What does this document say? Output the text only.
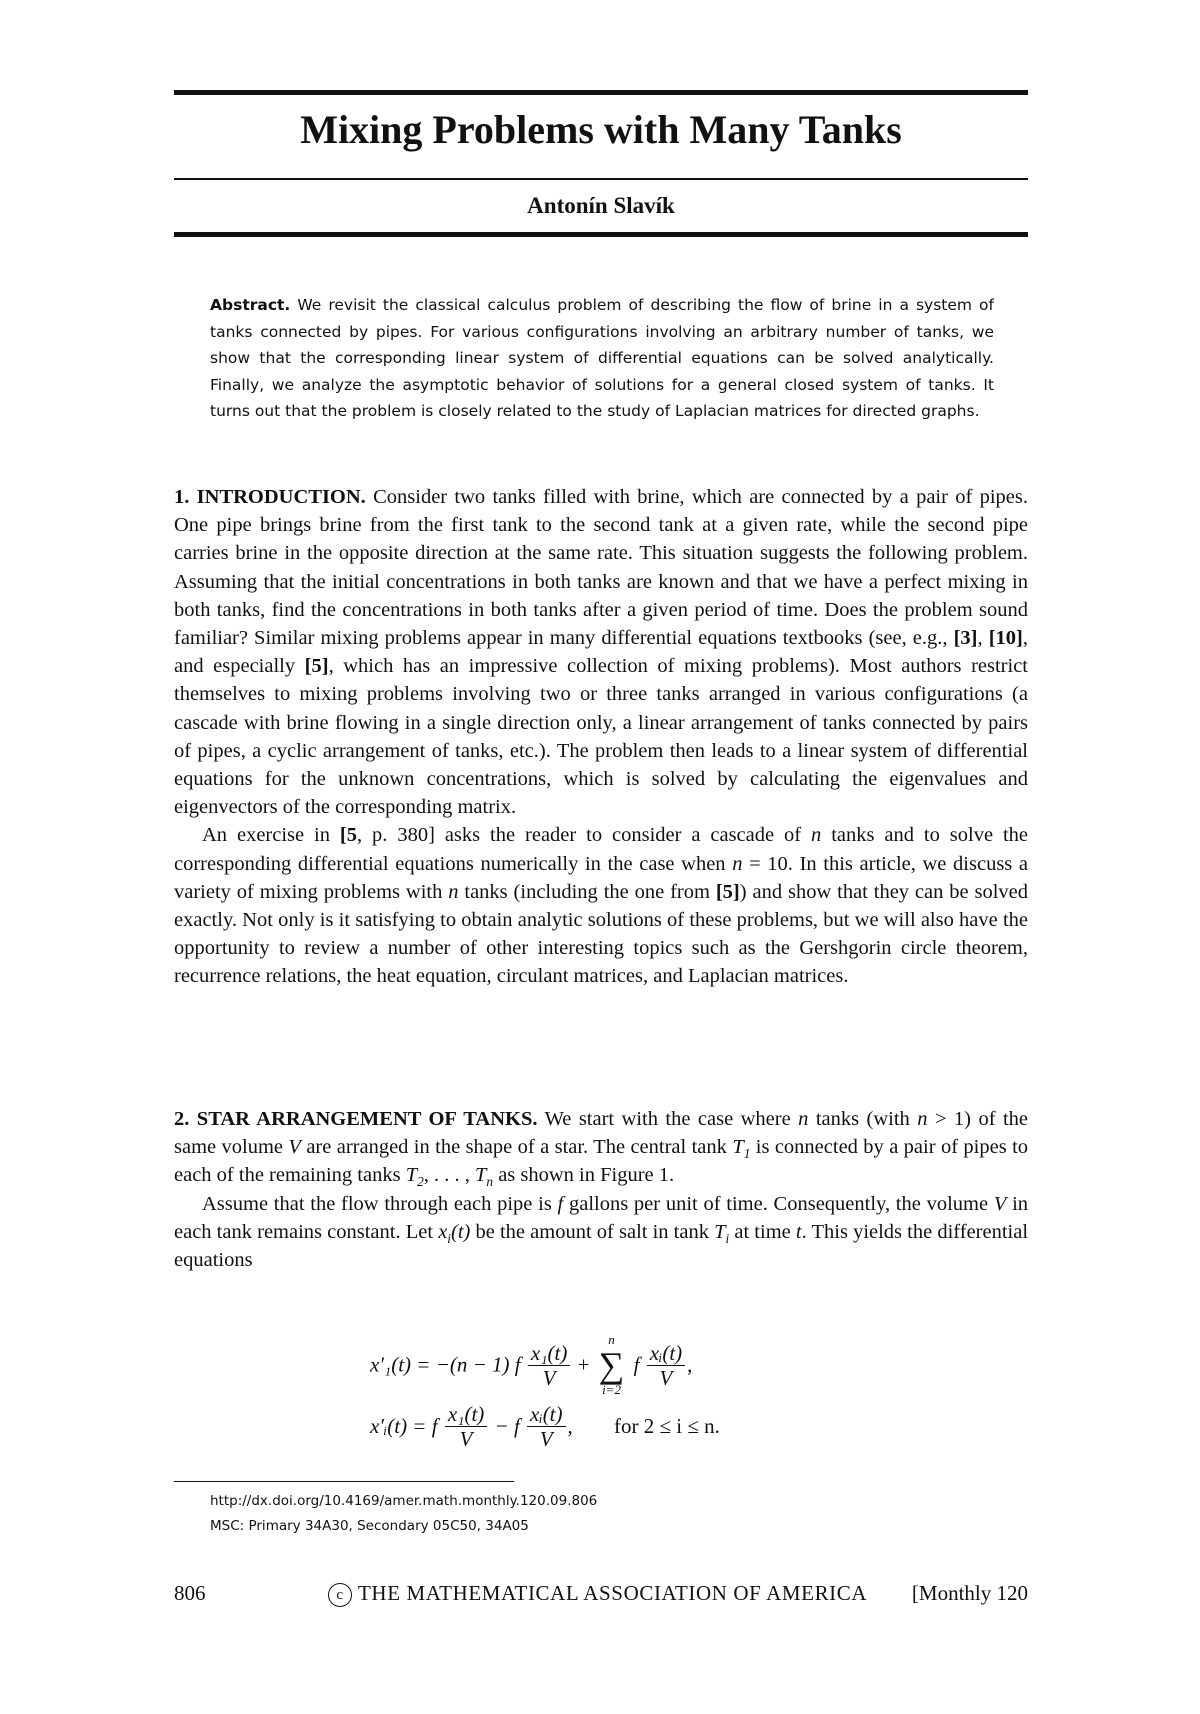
Mixing Problems with Many Tanks
Antonín Slavík

Abstract. We revisit the classical calculus problem of describing the flow of brine in a system of tanks connected by pipes. For various configurations involving an arbitrary number of tanks, we show that the corresponding linear system of differential equations can be solved analytically. Finally, we analyze the asymptotic behavior of solutions for a general closed system of tanks. It turns out that the problem is closely related to the study of Laplacian matrices for directed graphs.

1. INTRODUCTION. Consider two tanks filled with brine, which are connected by a pair of pipes. One pipe brings brine from the first tank to the second tank at a given rate, while the second pipe carries brine in the opposite direction at the same rate. This situation suggests the following problem. Assuming that the initial concentrations in both tanks are known and that we have a perfect mixing in both tanks, find the concentrations in both tanks after a given period of time. Does the problem sound familiar? Similar mixing problems appear in many differential equations textbooks (see, e.g., [3], [10], and especially [5], which has an impressive collection of mixing problems). Most authors restrict themselves to mixing problems involving two or three tanks arranged in various configurations (a cascade with brine flowing in a single direction only, a linear arrangement of tanks connected by pairs of pipes, a cyclic arrangement of tanks, etc.). The problem then leads to a linear system of differential equations for the unknown concentrations, which is solved by calculating the eigenvalues and eigenvectors of the corresponding matrix.

An exercise in [5, p. 380] asks the reader to consider a cascade of n tanks and to solve the corresponding differential equations numerically in the case when n = 10. In this article, we discuss a variety of mixing problems with n tanks (including the one from [5]) and show that they can be solved exactly. Not only is it satisfying to obtain analytic solutions of these problems, but we will also have the opportunity to review a number of other interesting topics such as the Gershgorin circle theorem, recurrence relations, the heat equation, circulant matrices, and Laplacian matrices.

2. STAR ARRANGEMENT OF TANKS. We start with the case where n tanks (with n > 1) of the same volume V are arranged in the shape of a star. The central tank $T_1$ is connected by a pair of pipes to each of the remaining tanks $T_2$, . . . , $T_n$ as shown in Figure 1.

Assume that the flow through each pipe is f gallons per unit of time. Consequently, the volume V in each tank remains constant. Let $x_i(t)$ be the amount of salt in tank $T_i$ at time t. This yields the differential equations

x′₁(t) = −(n − 1) f $\frac{\text{x₁(t)}}{V}$ +
n
∑
i=2
f $\frac{\text{xᵢ(t)}}{V}$ ,
x′ᵢ(t) = f $\frac{\text{x₁(t)}}{V} - f \frac{\text{xᵢ(t)}}{V}$ , for 2 ≤ i ≤ n.

http://dx.doi.org/10.4169/amer.math.monthly.120.09.806

MSC: Primary 34A30, Secondary 05C50, 34A05

806	c THE MATHEMATICAL ASSOCIATION OF AMERICA [Monthly 120
